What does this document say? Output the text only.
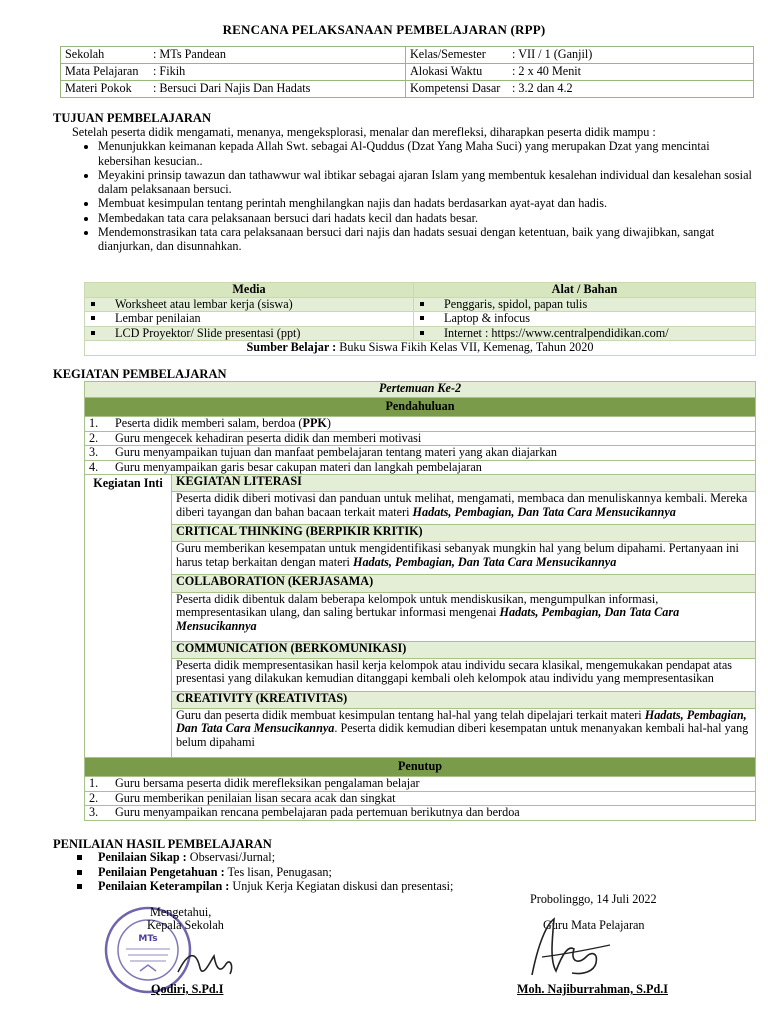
RENCANA PELAKSANAAN PEMBELAJARAN (RPP)
Sekolah	: MTs Pandean	Kelas/Semester	: VII / 1 (Ganjil)
Mata Pelajaran	: Fikih	Alokasi Waktu	: 2 x 40 Menit
Materi Pokok	: Bersuci Dari Najis Dan Hadats	Kompetensi Dasar	: 3.2 dan 4.2
TUJUAN PEMBELAJARAN
Setelah peserta didik mengamati, menanya, mengeksplorasi, menalar dan merefleksi, diharapkan peserta didik mampu :
• Menunjukkan keimanan kepada Allah Swt. sebagai Al-Quddus (Dzat Yang Maha Suci) yang merupakan Dzat yang mencintai kebersihan kesucian..
• Meyakini prinsip tawazun dan tathawwur wal ibtikar sebagai ajaran Islam yang membentuk kesalehan individual dan kesalehan sosial dalam pelaksanaan bersuci.
• Membuat kesimpulan tentang perintah menghilangkan najis dan hadats berdasarkan ayat-ayat dan hadis.
• Membedakan tata cara pelaksanaan bersuci dari hadats kecil dan hadats besar.
• Mendemonstrasikan tata cara pelaksanaan bersuci dari najis dan hadats sesuai dengan ketentuan, baik yang diwajibkan, sangat dianjurkan, dan disunnahkan.
Media	Alat / Bahan
Worksheet atau lembar kerja (siswa)	Penggaris, spidol, papan tulis
Lembar penilaian	Laptop & infocus
LCD Proyektor/ Slide presentasi (ppt)	Internet : https://www.centralpendidikan.com/
Sumber Belajar : Buku Siswa Fikih Kelas VII, Kemenag, Tahun 2020	
KEGIATAN PEMBELAJARAN
Pertemuan Ke-2
Pendahuluan
1. Peserta didik memberi salam, berdoa (PPK)
2. Guru mengecek kehadiran peserta didik dan memberi motivasi
3. Guru menyampaikan tujuan dan manfaat pembelajaran tentang materi yang akan diajarkan
4. Guru menyampaikan garis besar cakupan materi dan langkah pembelajaran
Kegiatan Inti	KEGIATAN LITERASI
Peserta didik diberi motivasi dan panduan untuk melihat, mengamati, membaca dan menuliskannya kembali. Mereka diberi tayangan dan bahan bacaan terkait materi Hadats, Pembagian, Dan Tata Cara Mensucikannya
CRITICAL THINKING (BERPIKIR KRITIK)
Guru memberikan kesempatan untuk mengidentifikasi sebanyak mungkin hal yang belum dipahami. Pertanyaan ini harus tetap berkaitan dengan materi Hadats, Pembagian, Dan Tata Cara Mensucikannya
COLLABORATION (KERJASAMA)
Peserta didik dibentuk dalam beberapa kelompok untuk mendiskusikan, mengumpulkan informasi, mempresentasikan ulang, dan saling bertukar informasi mengenai Hadats, Pembagian, Dan Tata Cara Mensucikannya
COMMUNICATION (BERKOMUNIKASI)
Peserta didik mempresentasikan hasil kerja kelompok atau individu secara klasikal, mengemukakan pendapat atas presentasi yang dilakukan kemudian ditanggapi kembali oleh kelompok atau individu yang mempresentasikan
CREATIVITY (KREATIVITAS)
Guru dan peserta didik membuat kesimpulan tentang hal-hal yang telah dipelajari terkait materi Hadats, Pembagian, Dan Tata Cara Mensucikannya. Peserta didik kemudian diberi kesempatan untuk menanyakan kembali hal-hal yang belum dipahami
Penutup
1. Guru bersama peserta didik merefleksikan pengalaman belajar
2. Guru memberikan penilaian lisan secara acak dan singkat
3. Guru menyampaikan rencana pembelajaran pada pertemuan berikutnya dan berdoa
PENILAIAN HASIL PEMBELAJARAN
Penilaian Sikap : Observasi/Jurnal;
Penilaian Pengetahuan : Tes lisan, Penugasan;
Penilaian Keterampilan : Unjuk Kerja Kegiatan diskusi dan presentasi;
Probolinggo, 14 Juli 2022
MTs
Mengetahui,
Kepala Sekolah
Qodiri, S.Pd.I
Guru Mata Pelajaran
Moh. Najiburrahman, S.Pd.I
